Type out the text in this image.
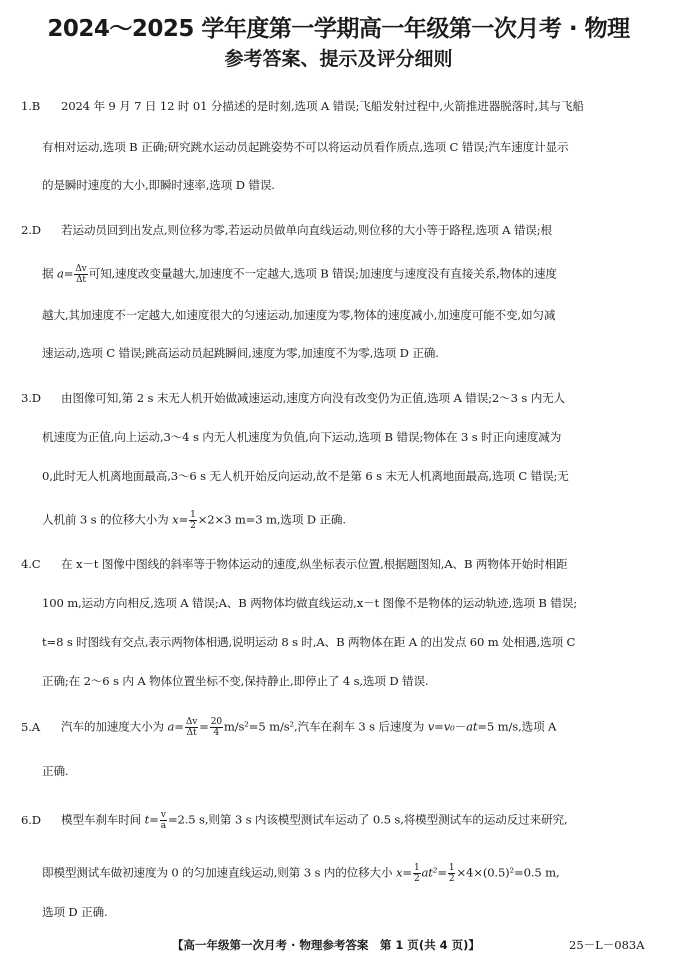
2024～2025 学年度第一学期高一年级第一次月考 · 物理
参考答案、提示及评分细则
1.B 2024 年 9 月 7 日 12 时 01 分描述的是时刻,选项 A 错误;飞船发射过程中,火箭推进器脱落时,其与飞船
有相对运动,选项 B 正确;研究跳水运动员起跳姿势不可以将运动员看作质点,选项 C 错误;汽车速度计显示
的是瞬时速度的大小,即瞬时速率,选项 D 错误.
2.D 若运动员回到出发点,则位移为零,若运动员做单向直线运动,则位移的大小等于路程,选项 A 错误;根
据 $a= \frac{\Delta v}{\Delta t}$ 可知,速度改变量越大,加速度不一定越大,选项 B 错误;加速度与速度没有直接关系,物体的速度
越大,其加速度不一定越大,如速度很大的匀速运动,加速度为零,物体的速度减小,加速度可能不变,如匀减
速运动,选项 C 错误;跳高运动员起跳瞬间,速度为零,加速度不为零,选项 D 正确.
3.D 由图像可知,第 2 s 末无人机开始做减速运动,速度方向没有改变仍为正值,选项 A 错误;2～3 s 内无人
机速度为正值,向上运动,3～4 s 内无人机速度为负值,向下运动,选项 B 错误;物体在 3 s 时正向速度减为
0,此时无人机离地面最高,3～6 s 无人机开始反向运动,故不是第 6 s 末无人机离地面最高,选项 C 错误;无
人机前 3 s 的位移大小为 $x= \frac{1}{2} \times 2\times 3$ m=3 m,选项 D 正确.
4.C 在 x－t 图像中图线的斜率等于物体运动的速度,纵坐标表示位置,根据题图知,A、B 两物体开始时相距
100 m,运动方向相反,选项 A 错误;A、B 两物体均做直线运动,x－t 图像不是物体的运动轨迹,选项 B 错误;
t=8 s 时图线有交点,表示两物体相遇,说明运动 8 s 时,A、B 两物体在距 A 的出发点 60 m 处相遇,选项 C
正确;在 2～6 s 内 A 物体位置坐标不变,保持静止,即停止了 4 s,选项 D 错误.
5.A 汽车的加速度大小为 $a= \frac{\Delta v}{\Delta t} = \frac{20}{4} m/s^2=5$ m/s²,汽车在刹车 3 s 后速度为 v=v₀－at=5 m/s,选项 A
正确.
6.D 模型车刹车时间 $t= \frac{v}{a} =2.5$ s,则第 3 s 内该模型测试车运动了 0.5 s,将模型测试车的运动反过来研究,
即模型测试车做初速度为 0 的匀加速直线运动,则第 3 s 内的位移大小 $x= \frac{1}{2} at^2= \frac{1}{2} \times 4\times(0.5)^2=0.5$ m,
选项 D 正确.
【高一年级第一次月考 · 物理参考答案　第 1 页(共 4 页)】	25－L－083A
